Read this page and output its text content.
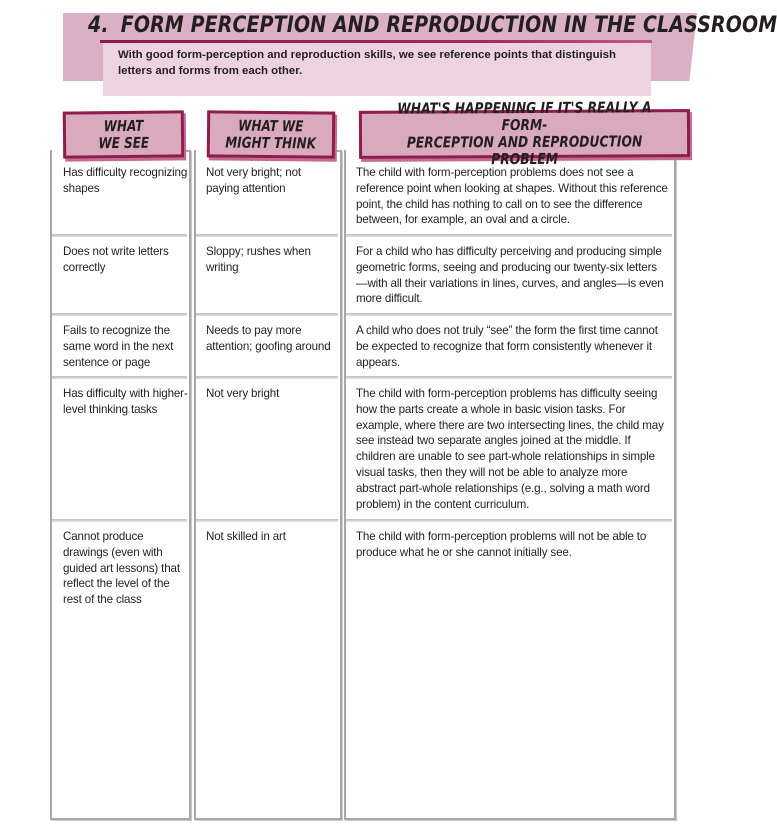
4. FORM PERCEPTION AND REPRODUCTION IN THE CLASSROOM

With good form-perception and reproduction skills, we see reference points that distinguish letters and forms from each other.

WHAT
WE SEE
WHAT WE
MIGHT THINK
WHAT'S HAPPENING IF IT'S REALLY A FORM-
PERCEPTION AND REPRODUCTION PROBLEM

Has difficulty recognizing shapes

Not very bright; not paying attention

The child with form-perception problems does not see a reference point when looking at shapes. Without this reference point, the child has nothing to call on to see the difference between, for example, an oval and a circle.

Does not write letters correctly

Sloppy; rushes when writing

For a child who has difficulty perceiving and producing simple geometric forms, seeing and producing our twenty-six letters—with all their variations in lines, curves, and angles—is even more difficult.

Fails to recognize the same word in the next sentence or page

Needs to pay more attention; goofing around

A child who does not truly “see” the form the first time cannot be expected to recognize that form consistently whenever it appears.

Has difficulty with higher-level thinking tasks

Not very bright	The child with form-perception problems has difficulty seeing how the parts create a whole in basic vision tasks. For example, where there are two intersecting lines, the child may see instead two separate angles joined at the middle. If children are unable to see part-whole relationships in simple visual tasks, then they will not be able to analyze more abstract part-whole relationships (e.g., solving a math word problem) in the content curriculum.

Cannot produce drawings (even with guided art lessons) that reflect the level of the rest of the class

Not skilled in art	The child with form-perception problems will not be able to produce what he or she cannot initially see.
